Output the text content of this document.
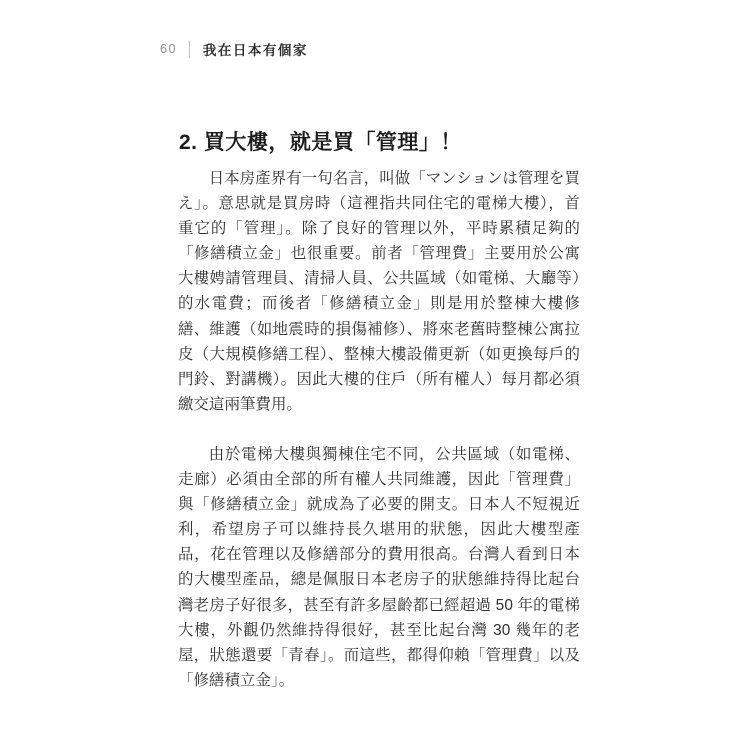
60 我在日本有個家
2. 買大樓，就是買「管理」！

日本房產界有一句名言，叫做「マンションは管理を買え」。意思就是買房時（這裡指共同住宅的電梯大樓），首重它的「管理」。除了良好的管理以外，平時累積足夠的「修繕積立金」也很重要。前者「管理費」主要用於公寓大樓娉請管理員、清掃人員、公共區域（如電梯、大廳等）的水電費；而後者「修繕積立金」則是用於整棟大樓修繕、維護（如地震時的損傷補修）、將來老舊時整棟公寓拉皮（大規模修繕工程）、整棟大樓設備更新（如更換每戶的門鈴、對講機）。因此大樓的住戶（所有權人）每月都必須繳交這兩筆費用。

由於電梯大樓與獨棟住宅不同，公共區域（如電梯、走廊）必須由全部的所有權人共同維護，因此「管理費」與「修繕積立金」就成為了必要的開支。日本人不短視近利，希望房子可以維持長久堪用的狀態，因此大樓型產品，花在管理以及修繕部分的費用很高。台灣人看到日本的大樓型產品，總是佩服日本老房子的狀態維持得比起台灣老房子好很多，甚至有許多屋齡都已經超過 50 年的電梯大樓，外觀仍然維持得很好，甚至比起台灣 30 幾年的老屋，狀態還要「青春」。而這些，都得仰賴「管理費」以及「修繕積立金」。
